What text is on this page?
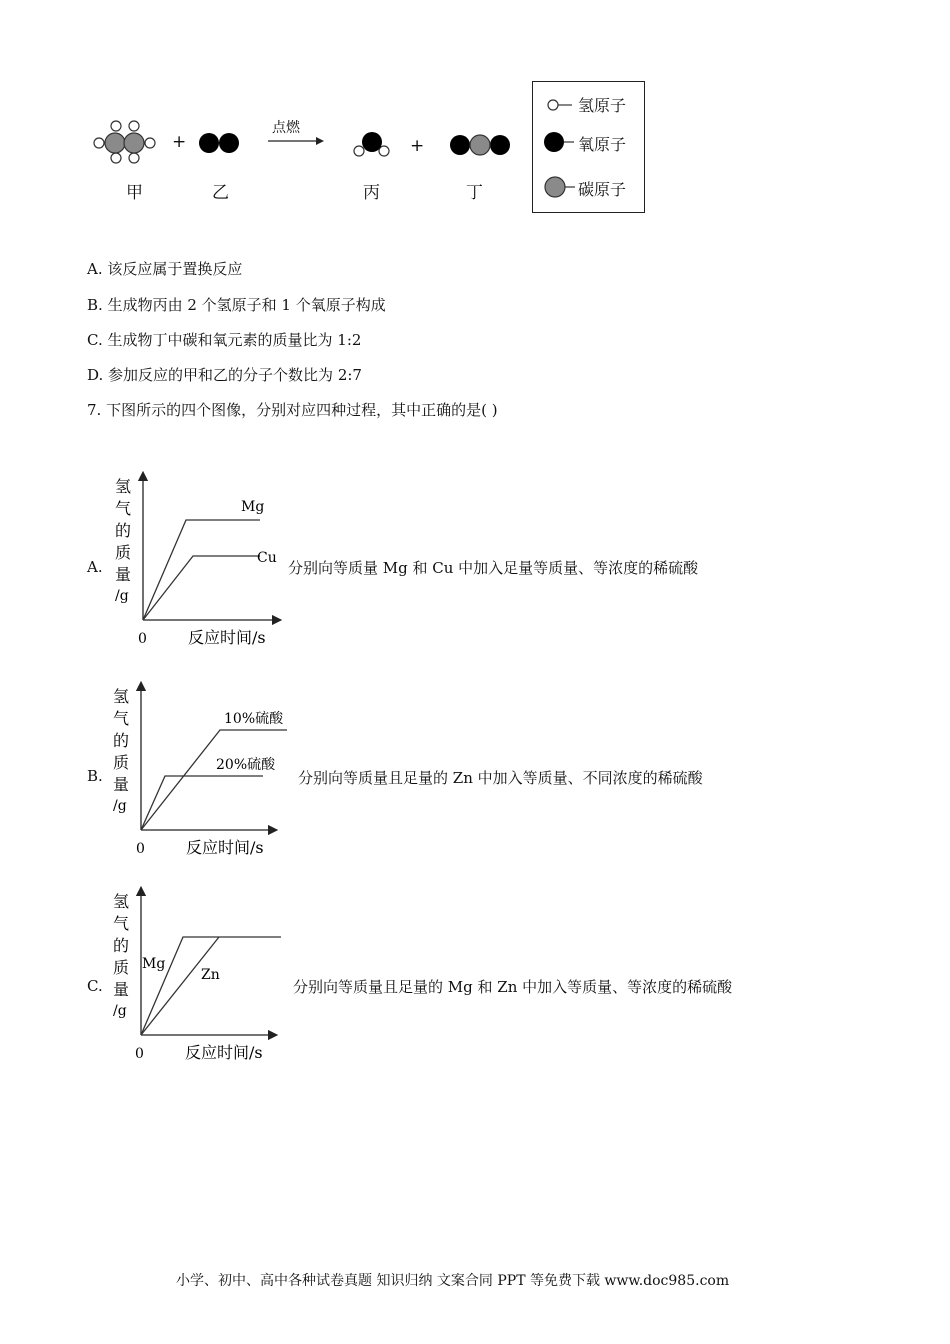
+	+
点燃
甲	乙	丙	丁
氢原子
氧原子
碳原子
A. 该反应属于置换反应
B. 生成物丙由 2 个氢原子和 1 个氧原子构成
C. 生成物丁中碳和氧元素的质量比为 1:2
D. 参加反应的甲和乙的分子个数比为 2:7
7. 下图所示的四个图像，分别对应四种过程，其中正确的是( )
A.
氢
气
的
质
量
/g
0	反应时间/s
Mg
Cu
分别向等质量 Mg 和 Cu 中加入足量等质量、等浓度的稀硫酸
B.
氢
气
的
质
量
/g
0	反应时间/s
10%硫酸
20%硫酸
分别向等质量且足量的 Zn 中加入等质量、不同浓度的稀硫酸
C.
氢
气
的
质
量
/g
0	反应时间/s
Mg
Zn
分别向等质量且足量的 Mg 和 Zn 中加入等质量、等浓度的稀硫酸
小学、初中、高中各种试卷真题 知识归纳 文案合同 PPT 等免费下载 www.doc985.com
